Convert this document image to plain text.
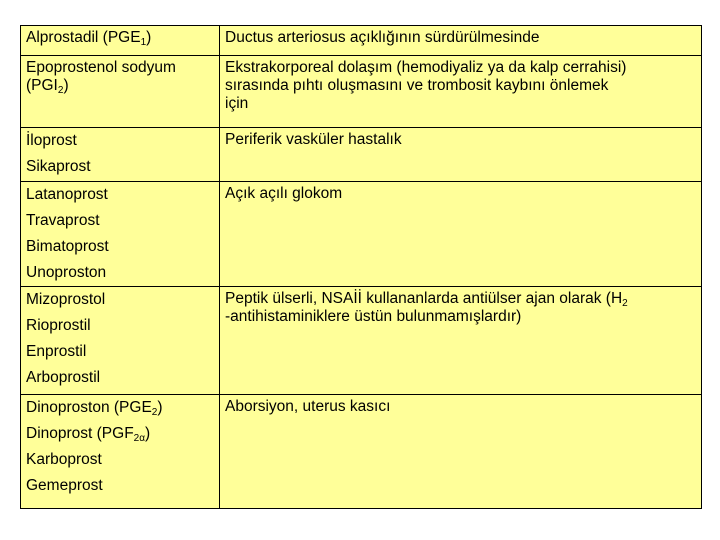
Alprostadil $(PGE_1)$	Ductus arteriosus açıklığının sürdürülmesinde

Epoprostenol sodyum
$(PGI_2)$	Ekstrakorporeal dolaşım (hemodiyaliz ya da kalp cerrahisi)
sırasında pıhtı oluşmasını ve trombosit kaybını önlemek
için

İloprost
Sikaprost	Periferik vasküler hastalık

Latanoprost
Travaprost
Bimatoprost
Unoproston	Açık açılı glokom

Mizoprostol
Rioprostil
Enprostil
Arboprostil	Peptik ülserli, NSAİİ kullananlarda antiülser ajan olarak ($H_2$
-antihistaminiklere üstün bulunmamışlardır)

Dinoproston $(PGE_2)$
Dinoprost $(PGF_{2\alpha})$
Karboprost
Gemeprost	Aborsiyon, uterus kasıcı
